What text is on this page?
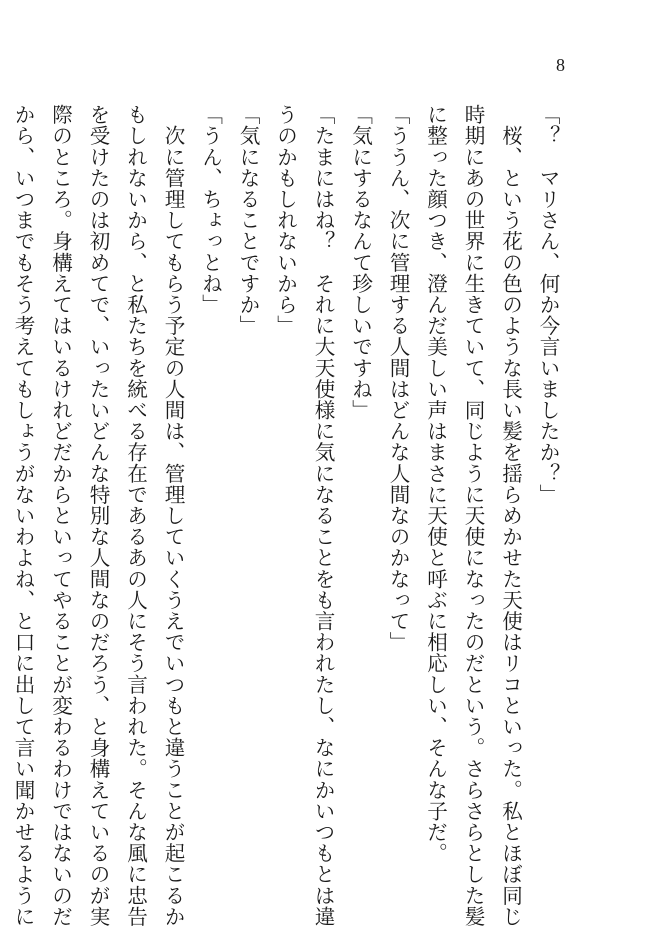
8
「？　マリさん、何か今言いましたか？」
　桜、という花の色のような長い髪を揺らめかせた天使はリコといった。私とほぼ同じ
時期にあの世界に生きていて、同じように天使になったのだという。さらさらとした髪
に整った顔つき、澄んだ美しい声はまさに天使と呼ぶに相応しい、そんな子だ。
「ううん、次に管理する人間はどんな人間なのかなって」
「気にするなんて珍しいですね」
「たまにはね？　それに大天使様に気になることをも言われたし、なにかいつもとは違
うのかもしれないから」
「気になることですか」
「うん、ちょっとね」
　次に管理してもらう予定の人間は、管理していくうえでいつもと違うことが起こるか
もしれないから、と私たちを統べる存在であるあの人にそう言われた。そんな風に忠告
を受けたのは初めてで、いったいどんな特別な人間なのだろう、と身構えているのが実
際のところ。身構えてはいるけれどだからといってやることが変わるわけではないのだ
から、いつまでもそう考えてもしょうがないわよね、と口に出して言い聞かせるように
